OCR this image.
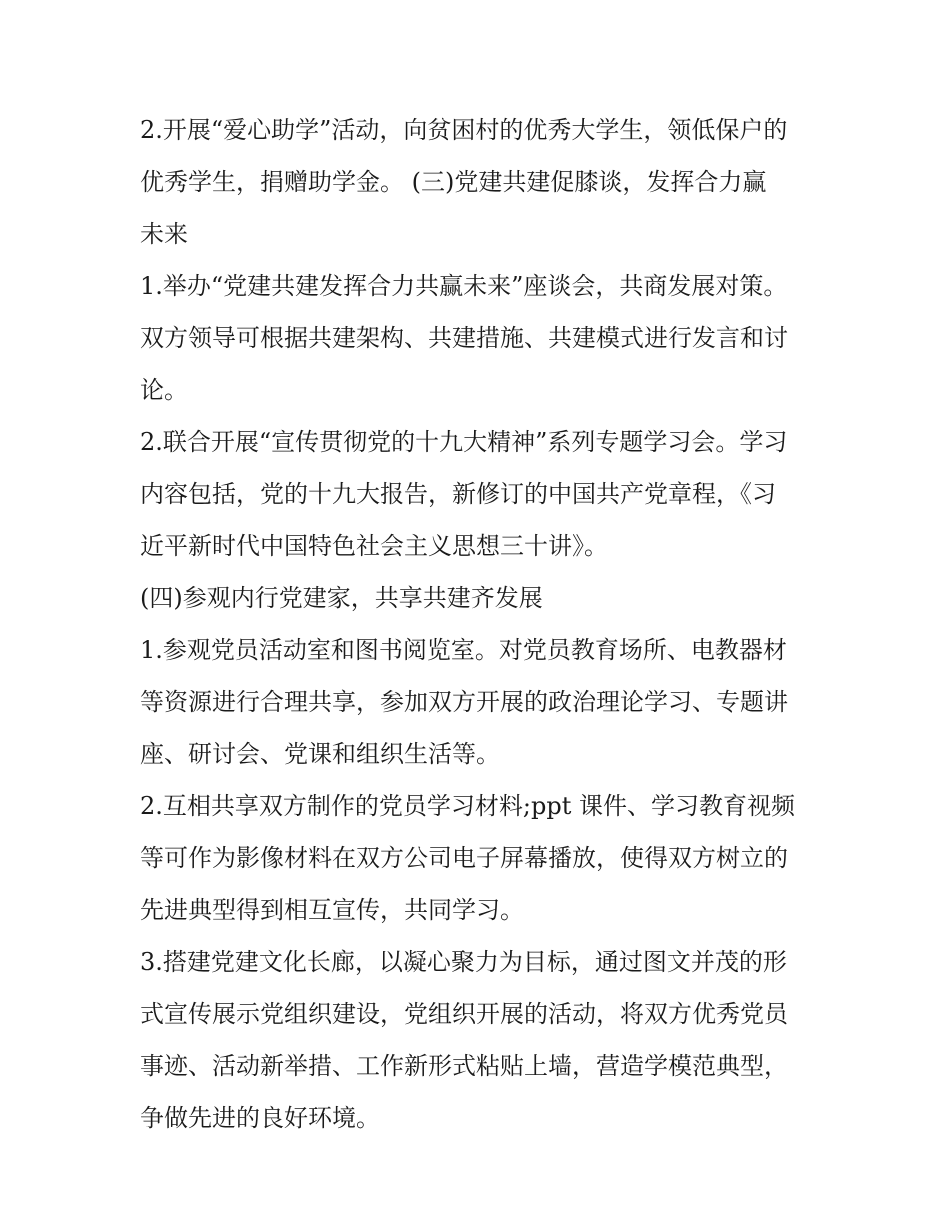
2.开展“爱心助学”活动，向贫困村的优秀大学生，领低保户的
优秀学生，捐赠助学金。 (三)党建共建促膝谈，发挥合力赢
未来
1.举办“党建共建发挥合力共赢未来”座谈会，共商发展对策。
双方领导可根据共建架构、共建措施、共建模式进行发言和讨
论。
2.联合开展“宣传贯彻党的十九大精神”系列专题学习会。学习
内容包括，党的十九大报告，新修订的中国共产党章程，《习
近平新时代中国特色社会主义思想三十讲》。
(四)参观内行党建家，共享共建齐发展
1.参观党员活动室和图书阅览室。对党员教育场所、电教器材
等资源进行合理共享，参加双方开展的政治理论学习、专题讲
座、研讨会、党课和组织生活等。
2.互相共享双方制作的党员学习材料;ppt 课件、学习教育视频
等可作为影像材料在双方公司电子屏幕播放，使得双方树立的
先进典型得到相互宣传，共同学习。
3.搭建党建文化长廊，以凝心聚力为目标，通过图文并茂的形
式宣传展示党组织建设，党组织开展的活动，将双方优秀党员
事迹、活动新举措、工作新形式粘贴上墙，营造学模范典型，
争做先进的良好环境。
